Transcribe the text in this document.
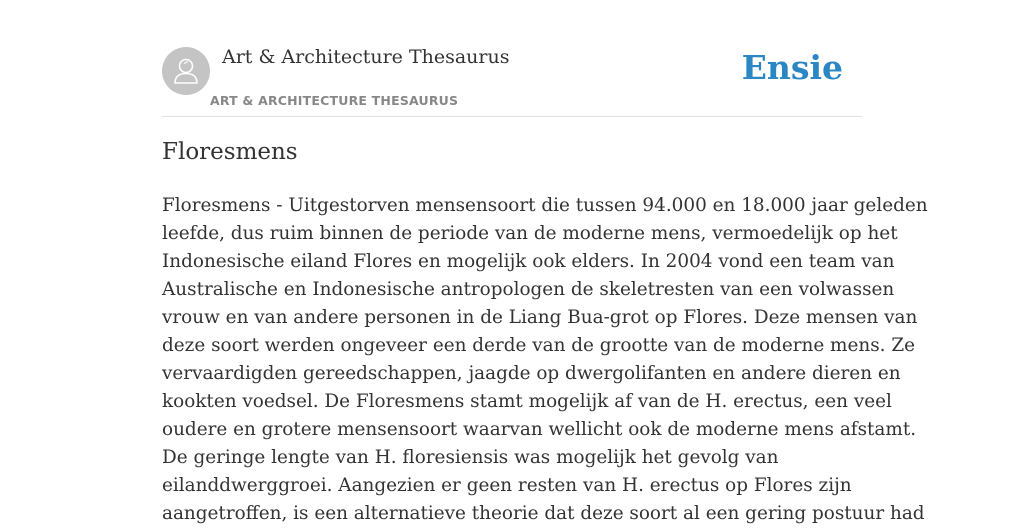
Art & Architecture Thesaurus
ART & ARCHITECTURE THESAURUS
Ensie
Floresmens
Floresmens - Uitgestorven mensensoort die tussen 94.000 en 18.000 jaar geleden
leefde, dus ruim binnen de periode van de moderne mens, vermoedelijk op het
Indonesische eiland Flores en mogelijk ook elders. In 2004 vond een team van
Australische en Indonesische antropologen de skeletresten van een volwassen
vrouw en van andere personen in de Liang Bua-grot op Flores. Deze mensen van
deze soort werden ongeveer een derde van de grootte van de moderne mens. Ze
vervaardigden gereedschappen, jaagde op dwergolifanten en andere dieren en
kookten voedsel. De Floresmens stamt mogelijk af van de H. erectus, een veel
oudere en grotere mensensoort waarvan wellicht ook de moderne mens afstamt.
De geringe lengte van H. floresiensis was mogelijk het gevolg van
eilanddwerggroei. Aangezien er geen resten van H. erectus op Flores zijn
aangetroffen, is een alternatieve theorie dat deze soort al een gering postuur had
